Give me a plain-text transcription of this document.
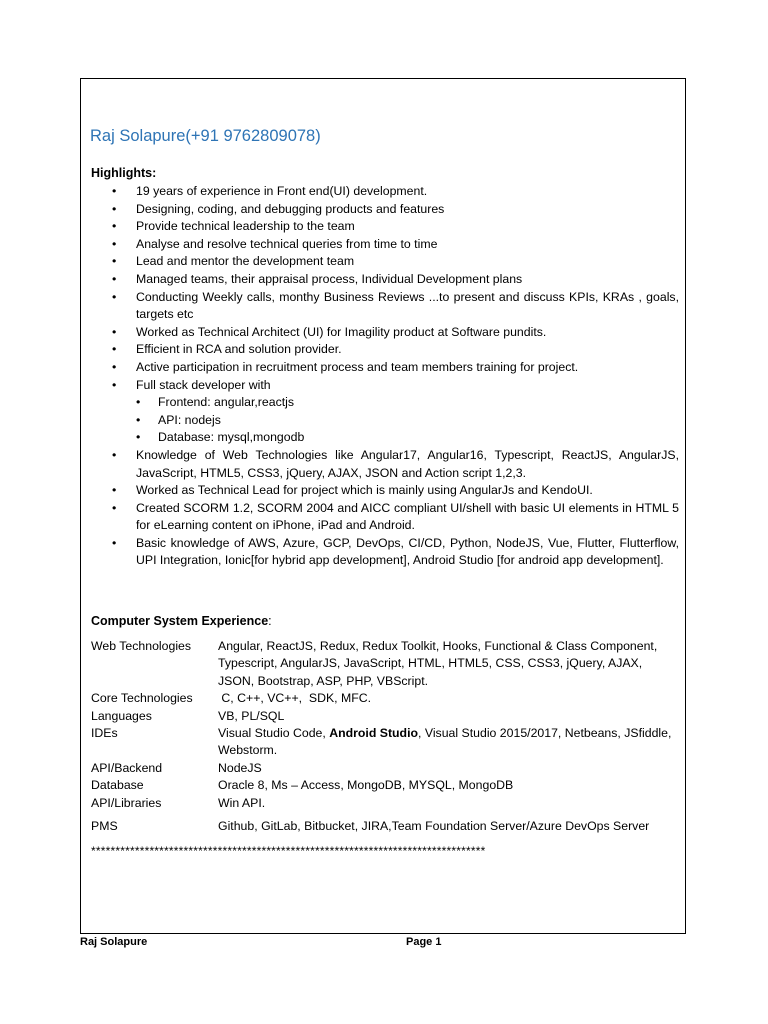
Raj Solapure(+91 9762809078)
Highlights:
• 19 years of experience in Front end(UI) development.
• Designing, coding, and debugging products and features
• Provide technical leadership to the team
• Analyse and resolve technical queries from time to time
• Lead and mentor the development team
• Managed teams, their appraisal process, Individual Development plans
• Conducting Weekly calls, monthy Business Reviews ...to present and discuss KPIs, KRAs , goals, targets etc
• Worked as Technical Architect (UI) for Imagility product at Software pundits.
• Efficient in RCA and solution provider.
• Active participation in recruitment process and team members training for project.
• Full stack developer with
• Frontend: angular,reactjs
• API: nodejs
• Database: mysql,mongodb
• Knowledge of Web Technologies like Angular17, Angular16, Typescript, ReactJS, AngularJS, JavaScript, HTML5, CSS3, jQuery, AJAX, JSON and Action script 1,2,3.
• Worked as Technical Lead for project which is mainly using AngularJs and KendoUI.
• Created SCORM 1.2, SCORM 2004 and AICC compliant UI/shell with basic UI elements in HTML 5 for eLearning content on iPhone, iPad and Android.
• Basic knowledge of AWS, Azure, GCP, DevOps, CI/CD, Python, NodeJS, Vue, Flutter, Flutterflow, UPI Integration, Ionic[for hybrid app development], Android Studio [for android app development].
Computer System Experience:
Web Technologies	Angular, ReactJS, Redux, Redux Toolkit, Hooks, Functional & Class Component, Typescript, AngularJS, JavaScript, HTML, HTML5, CSS, CSS3, jQuery, AJAX, JSON, Bootstrap, ASP, PHP, VBScript.
Core Technologies	C, C++, VC++,  SDK, MFC.
Languages	VB, PL/SQL
IDEs	Visual Studio Code, Android Studio, Visual Studio 2015/2017, Netbeans, JSfiddle, Webstorm.
API/Backend	NodeJS
Database	Oracle 8, Ms – Access, MongoDB, MYSQL, MongoDB
API/Libraries	Win API.
PMS	Github, GitLab, Bitbucket, JIRA,Team Foundation Server/Azure DevOps Server
*********************************************************************************
Raj Solapure	Page 1
